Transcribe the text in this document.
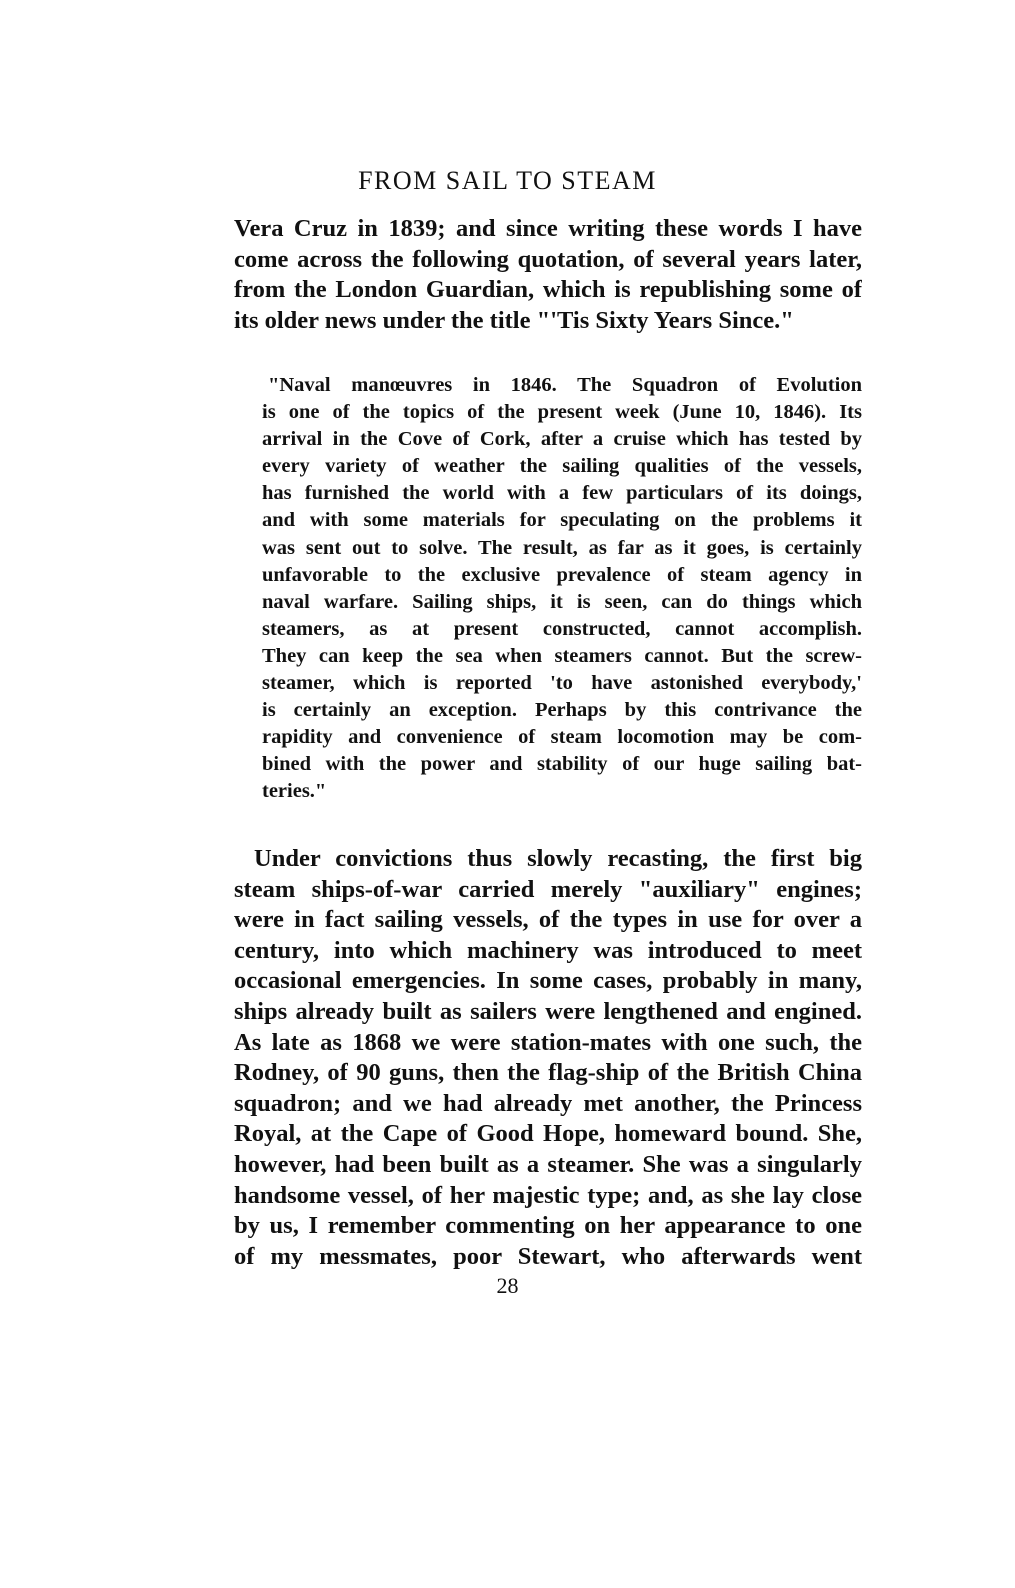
FROM SAIL TO STEAM
Vera Cruz in 1839; and since writing these words I have
come across the following quotation, of several years later,
from the London Guardian, which is republishing some of
its older news under the title "'Tis Sixty Years Since."
"Naval manœuvres in 1846. The Squadron of Evolution
is one of the topics of the present week (June 10, 1846). Its
arrival in the Cove of Cork, after a cruise which has tested by
every variety of weather the sailing qualities of the vessels,
has furnished the world with a few particulars of its doings,
and with some materials for speculating on the problems it
was sent out to solve. The result, as far as it goes, is certainly
unfavorable to the exclusive prevalence of steam agency in
naval warfare. Sailing ships, it is seen, can do things which
steamers, as at present constructed, cannot accomplish.
They can keep the sea when steamers cannot. But the screw-
steamer, which is reported 'to have astonished everybody,'
is certainly an exception. Perhaps by this contrivance the
rapidity and convenience of steam locomotion may be com-
bined with the power and stability of our huge sailing bat-
teries."
Under convictions thus slowly recasting, the first big
steam ships-of-war carried merely "auxiliary" engines;
were in fact sailing vessels, of the types in use for over a
century, into which machinery was introduced to meet
occasional emergencies. In some cases, probably in many,
ships already built as sailers were lengthened and engined.
As late as 1868 we were station-mates with one such, the
Rodney, of 90 guns, then the flag-ship of the British China
squadron; and we had already met another, the Princess
Royal, at the Cape of Good Hope, homeward bound. She,
however, had been built as a steamer. She was a singularly
handsome vessel, of her majestic type; and, as she lay close
by us, I remember commenting on her appearance to one
of my messmates, poor Stewart, who afterwards went

28
